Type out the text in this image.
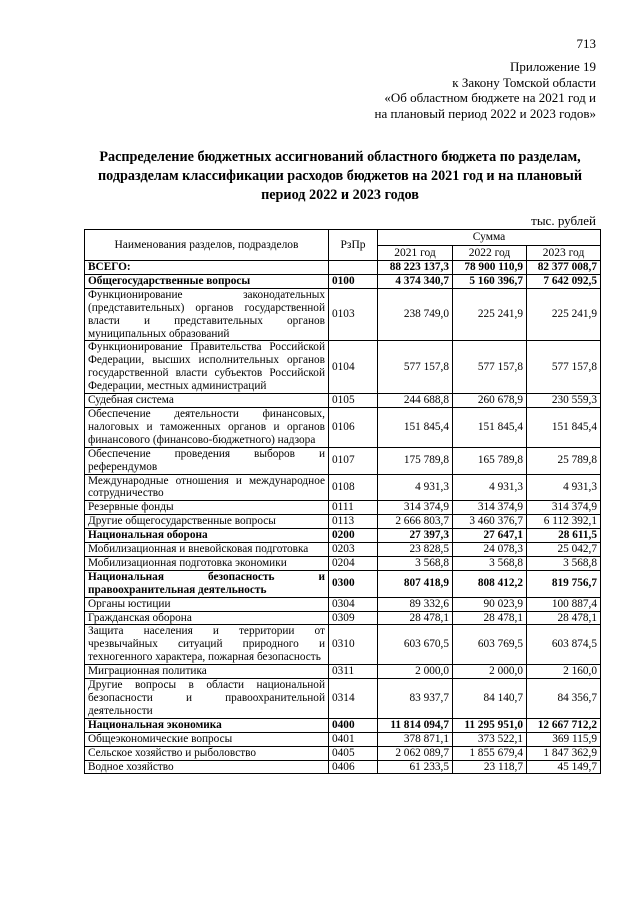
713
Приложение 19
к Закону Томской области
«Об областном бюджете на 2021 год и
на плановый период 2022 и 2023 годов»
Распределение бюджетных ассигнований областного бюджета по разделам,
подразделам классификации расходов бюджетов на 2021 год и на плановый
период 2022 и 2023 годов
тыс. рублей
Наименования разделов, подразделов	РзПр	Сумма		
		2021 год	2022 год	2023 год
ВСЕГО:		88 223 137,3	78 900 110,9	82 377 008,7
Общегосударственные вопросы	0100	4 374 340,7	5 160 396,7	7 642 092,5
Функционирование законодательных (представительных) органов государственной власти и представительных органов муниципальных образований	0103	238 749,0	225 241,9	225 241,9
Функционирование Правительства Российской Федерации, высших исполнительных органов государственной власти субъектов Российской Федерации, местных администраций	0104	577 157,8	577 157,8	577 157,8
Судебная система	0105	244 688,8	260 678,9	230 559,3
Обеспечение деятельности финансовых, налоговых и таможенных органов и органов финансового (финансово-бюджетного) надзора	0106	151 845,4	151 845,4	151 845,4
Обеспечение проведения выборов и референдумов	0107	175 789,8	165 789,8	25 789,8
Международные отношения и международное сотрудничество	0108	4 931,3	4 931,3	4 931,3
Резервные фонды	0111	314 374,9	314 374,9	314 374,9
Другие общегосударственные вопросы	0113	2 666 803,7	3 460 376,7	6 112 392,1
Национальная оборона	0200	27 397,3	27 647,1	28 611,5
Мобилизационная и вневойсковая подготовка	0203	23 828,5	24 078,3	25 042,7
Мобилизационная подготовка экономики	0204	3 568,8	3 568,8	3 568,8
Национальная безопасность и правоохранительная деятельность	0300	807 418,9	808 412,2	819 756,7
Органы юстиции	0304	89 332,6	90 023,9	100 887,4
Гражданская оборона	0309	28 478,1	28 478,1	28 478,1
Защита населения и территории от чрезвычайных ситуаций природного и техногенного характера, пожарная безопасность	0310	603 670,5	603 769,5	603 874,5
Миграционная политика	0311	2 000,0	2 000,0	2 160,0
Другие вопросы в области национальной безопасности и правоохранительной деятельности	0314	83 937,7	84 140,7	84 356,7
Национальная экономика	0400	11 814 094,7	11 295 951,0	12 667 712,2
Общеэкономические вопросы	0401	378 871,1	373 522,1	369 115,9
Сельское хозяйство и рыболовство	0405	2 062 089,7	1 855 679,4	1 847 362,9
Водное хозяйство	0406	61 233,5	23 118,7	45 149,7
